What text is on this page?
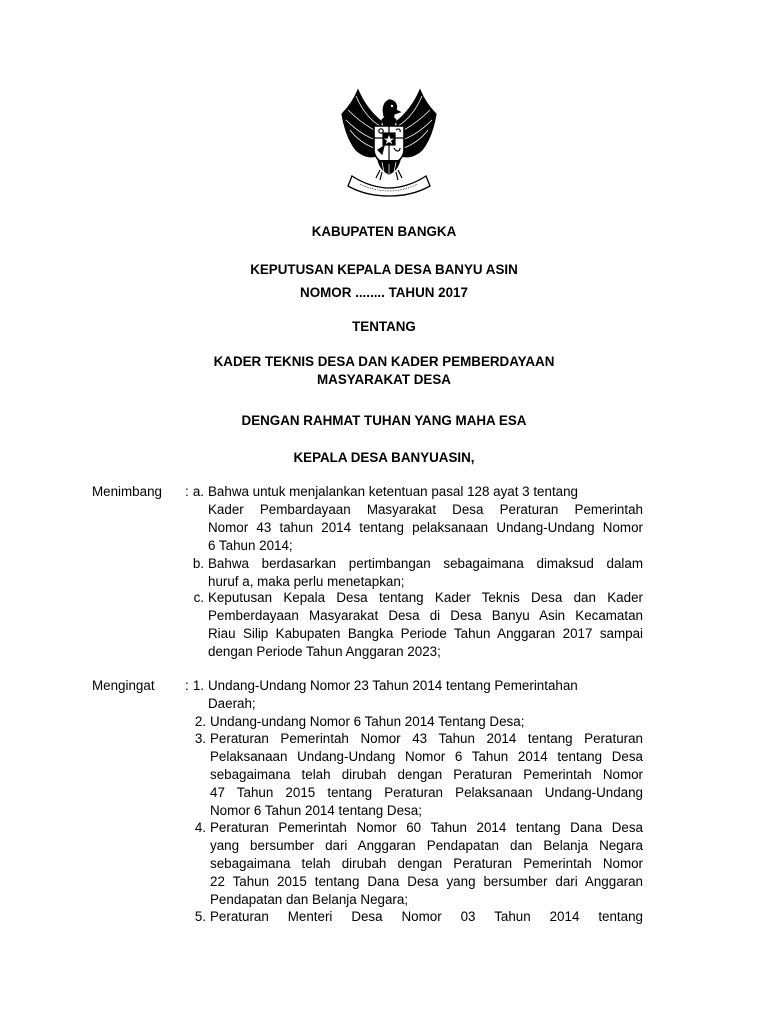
KABUPATEN BANGKA
KEPUTUSAN KEPALA DESA BANYU ASIN
NOMOR ........ TAHUN 2017
TENTANG
KADER TEKNIS DESA DAN KADER PEMBERDAYAAN
MASYARAKAT DESA
DENGAN RAHMAT TUHAN YANG MAHA ESA
KEPALA DESA BANYUASIN,
Menimbang : a. Bahwa untuk menjalankan ketentuan pasal 128 ayat 3 tentang
Kader Pembardayaan Masyarakat Desa Peraturan Pemerintah
Nomor 43 tahun 2014 tentang pelaksanaan Undang-Undang Nomor
6 Tahun 2014;
b. Bahwa berdasarkan pertimbangan sebagaimana dimaksud dalam
huruf a, maka perlu menetapkan;
c. Keputusan Kepala Desa tentang Kader Teknis Desa dan Kader
Pemberdayaan Masyarakat Desa di Desa Banyu Asin Kecamatan
Riau Silip Kabupaten Bangka Periode Tahun Anggaran 2017 sampai
dengan Periode Tahun Anggaran 2023;
Mengingat : 1. Undang-Undang Nomor 23 Tahun 2014 tentang Pemerintahan
Daerah;
2. Undang-undang Nomor 6 Tahun 2014 Tentang Desa;
3. Peraturan Pemerintah Nomor 43 Tahun 2014 tentang Peraturan
Pelaksanaan Undang-Undang Nomor 6 Tahun 2014 tentang Desa
sebagaimana telah dirubah dengan Peraturan Pemerintah Nomor
47 Tahun 2015 tentang Peraturan Pelaksanaan Undang-Undang
Nomor 6 Tahun 2014 tentang Desa;
4. Peraturan Pemerintah Nomor 60 Tahun 2014 tentang Dana Desa
yang bersumber dari Anggaran Pendapatan dan Belanja Negara
sebagaimana telah dirubah dengan Peraturan Pemerintah Nomor
22 Tahun 2015 tentang Dana Desa yang bersumber dari Anggaran
Pendapatan dan Belanja Negara;
5. Peraturan Menteri Desa Nomor 03 Tahun 2014 tentang
